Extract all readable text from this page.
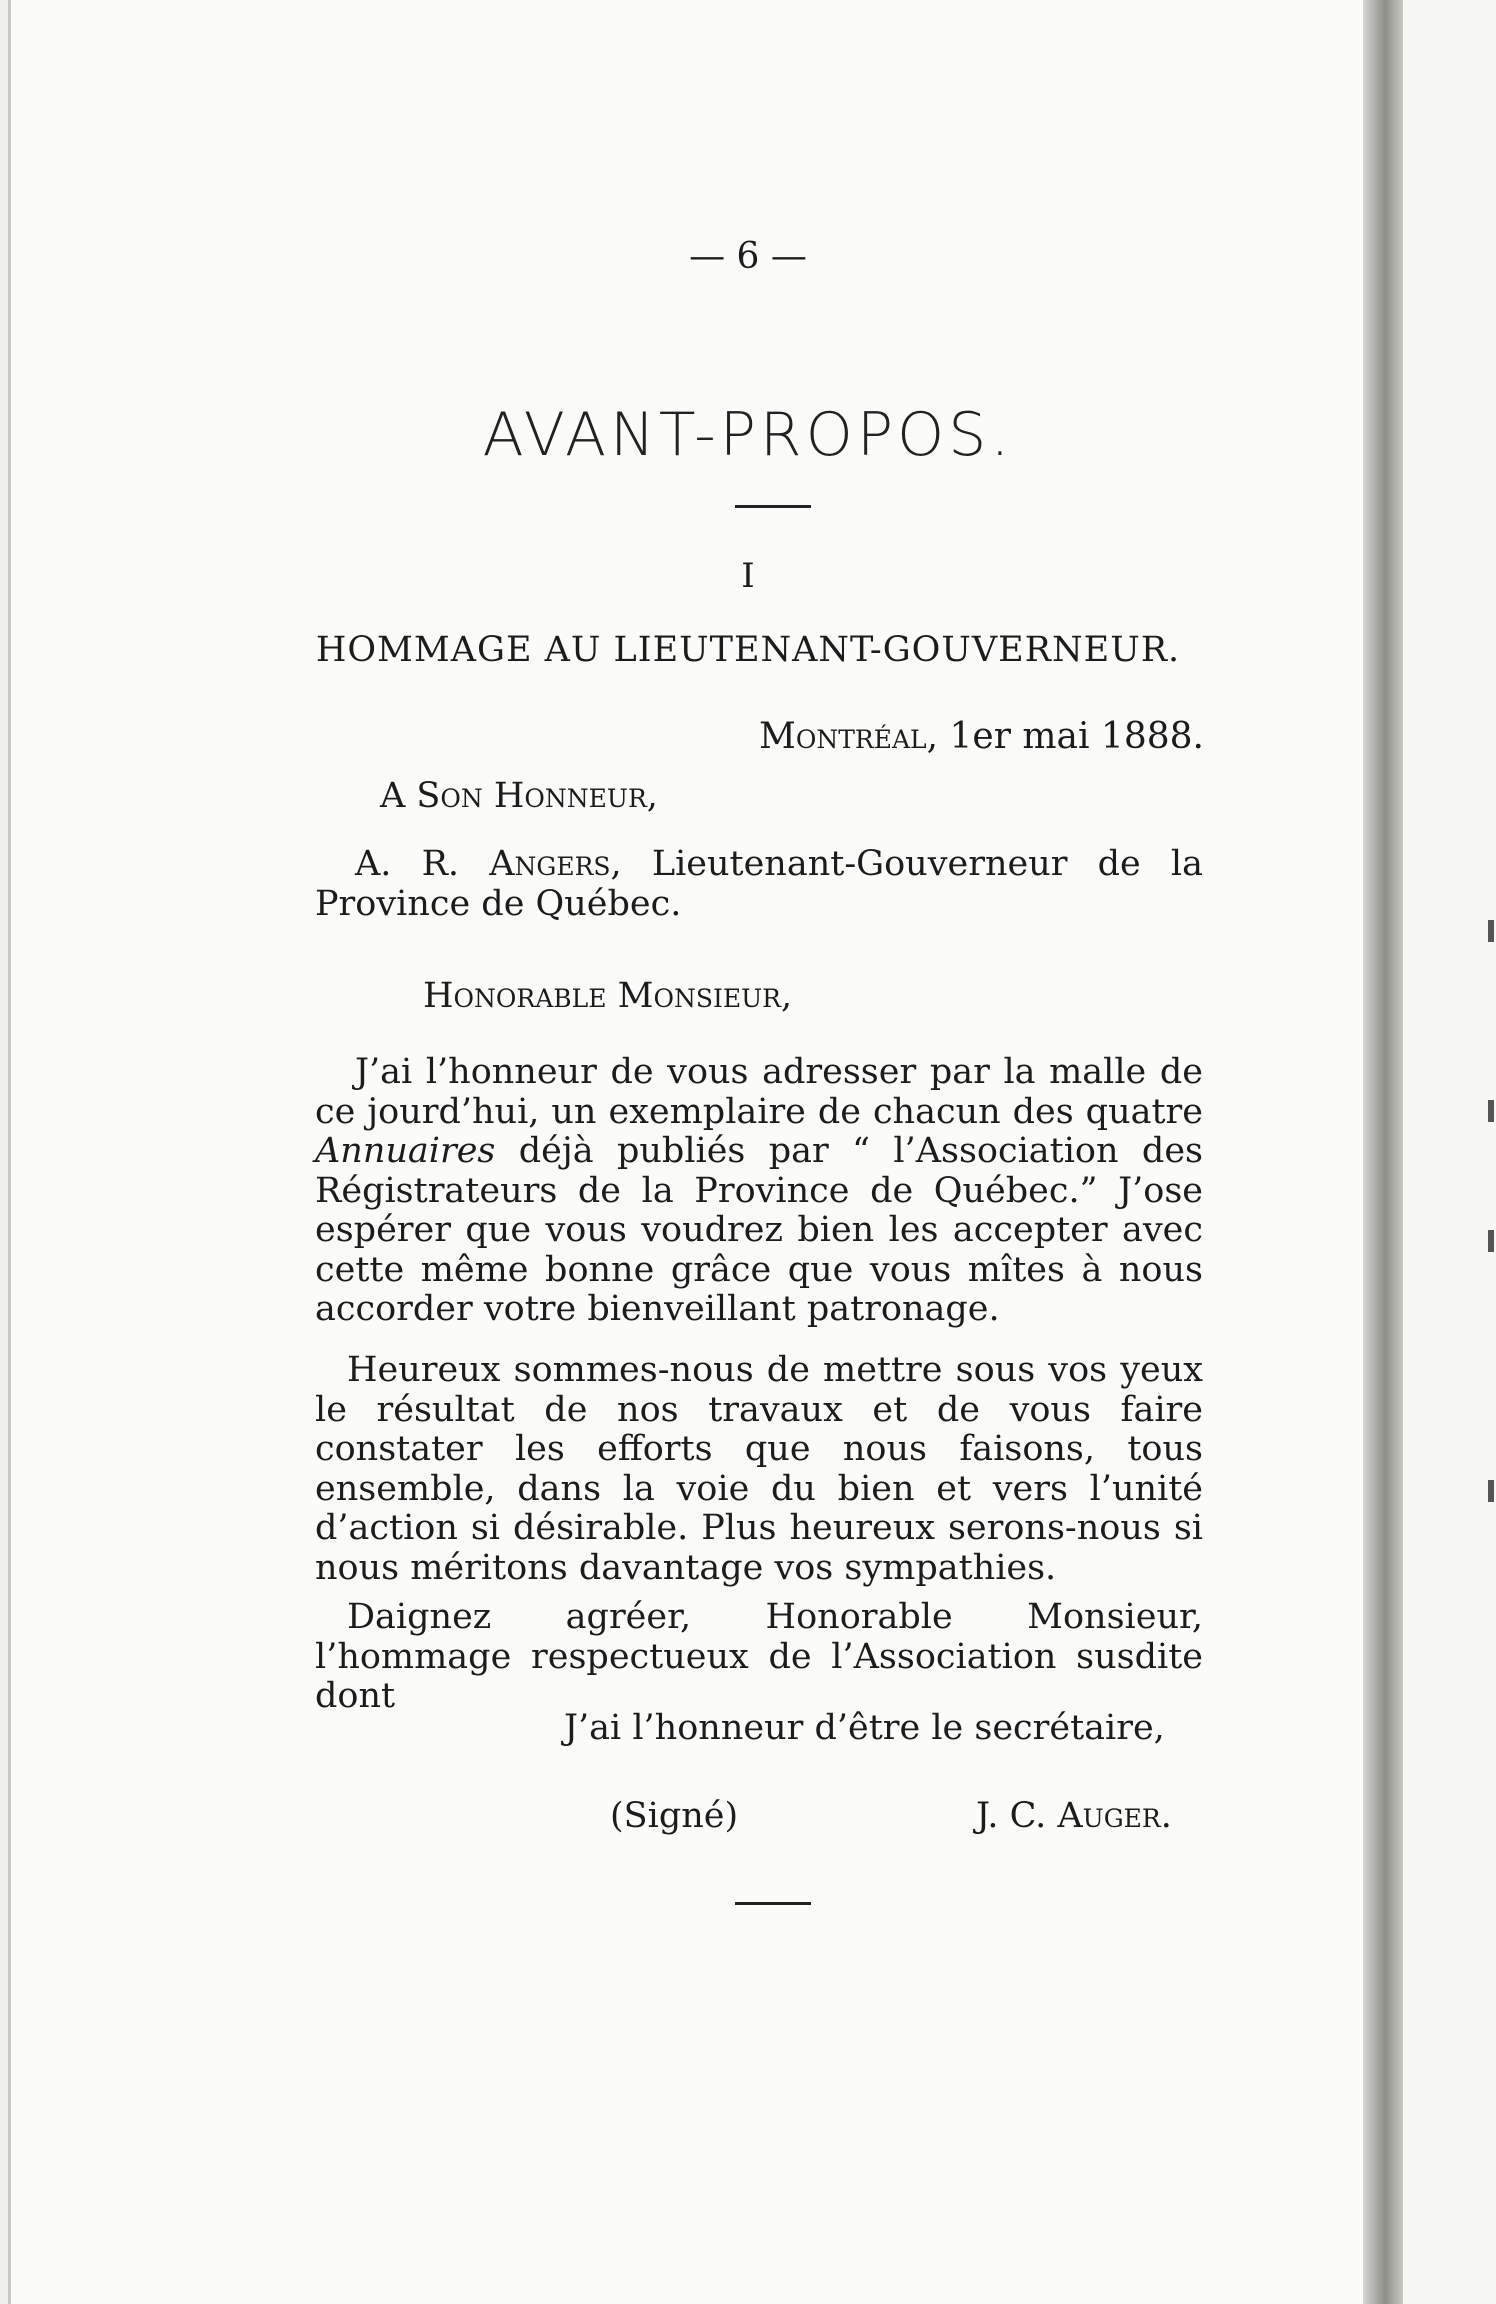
— 6 —
AVANT-PROPOS.
I
HOMMAGE AU LIEUTENANT-GOUVERNEUR.
Montréal, 1er mai 1888.
A Son Honneur,
A. R. Angers, Lieutenant-Gouverneur de la Province de Québec.
Honorable Monsieur,
J’ai l’honneur de vous adresser par la malle de ce jourd’hui, un exemplaire de chacun des quatre Annuaires déjà publiés par “ l’Association des Régistrateurs de la Province de Québec.” J’ose espérer que vous voudrez bien les accepter avec cette même bonne grâce que vous mîtes à nous accorder votre bienveillant patronage.
Heureux sommes-nous de mettre sous vos yeux le résultat de nos travaux et de vous faire constater les efforts que nous faisons, tous ensemble, dans la voie du bien et vers l’unité d’action si désirable. Plus heureux serons-nous si nous méritons davantage vos sympathies.
Daignez agréer, Honorable Monsieur, l’hommage respectueux de l’Association susdite dont
J’ai l’honneur d’être le secrétaire,
(Signé)	J. C. Auger.
